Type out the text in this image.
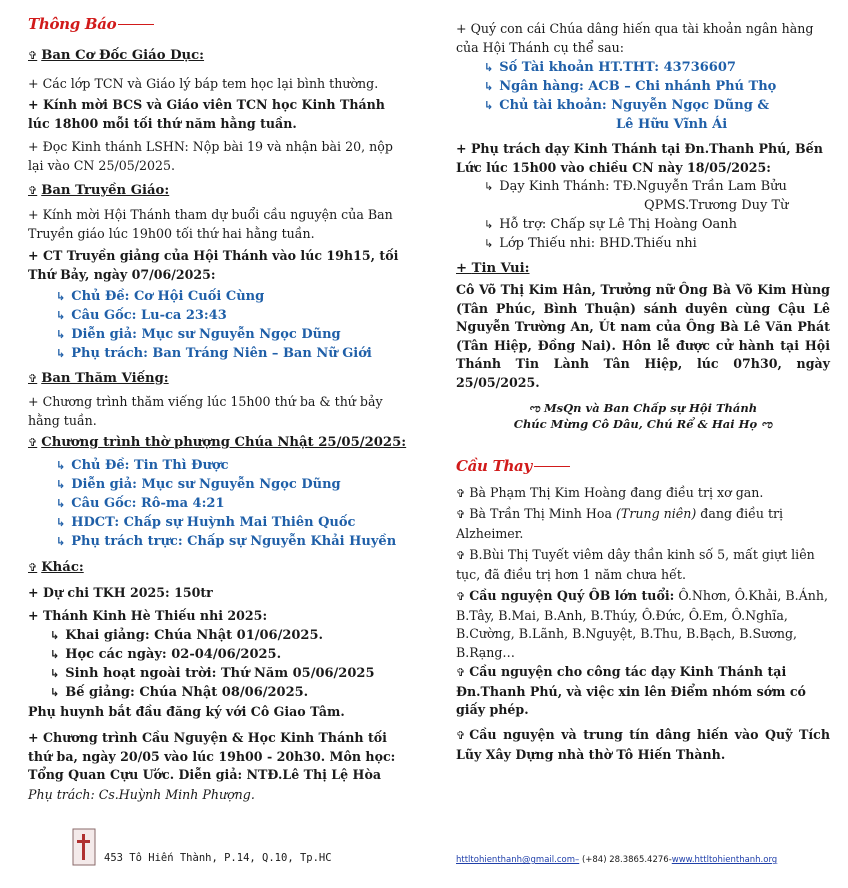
Thông Báo

✞ Ban Cơ Đốc Giáo Dục:

+ Các lớp TCN và Giáo lý báp tem học lại bình thường.

+ Kính mời BCS và Giáo viên TCN học Kinh Thánh lúc 18h00 mỗi tối thứ năm hằng tuần.

+ Đọc Kinh thánh LSHN: Nộp bài 19 và nhận bài 20, nộp lại vào CN 25/05/2025.

✞ Ban Truyền Giáo:

+ Kính mời Hội Thánh tham dự buổi cầu nguyện của Ban Truyền giáo lúc 19h00 tối thứ hai hằng tuần.

+ CT Truyền giảng của Hội Thánh vào lúc 19h15, tối Thứ Bảy, ngày 07/06/2025:

↳ Chủ Đề: Cơ Hội Cuối Cùng

↳ Câu Gốc: Lu-ca 23:43

↳ Diễn giả: Mục sư Nguyễn Ngọc Dũng

↳ Phụ trách: Ban Tráng Niên – Ban Nữ Giới

✞ Ban Thăm Viếng:

+ Chương trình thăm viếng lúc 15h00 thứ ba & thứ bảy hằng tuần.

✞ Chương trình thờ phượng Chúa Nhật 25/05/2025:

↳ Chủ Đề: Tin Thì Được

↳ Diễn giả: Mục sư Nguyễn Ngọc Dũng

↳ Câu Gốc: Rô-ma 4:21

↳ HDCT: Chấp sự Huỳnh Mai Thiên Quốc

↳ Phụ trách trực: Chấp sự Nguyễn Khải Huyền

✞ Khác:

+ Dự chi TKH 2025: 150tr

+ Thánh Kinh Hè Thiếu nhi 2025:

↳ Khai giảng: Chúa Nhật 01/06/2025.

↳ Học các ngày: 02-04/06/2025.

↳ Sinh hoạt ngoài trời: Thứ Năm 05/06/2025

↳ Bế giảng: Chúa Nhật 08/06/2025.

Phụ huynh bắt đầu đăng ký với Cô Giao Tâm.

+ Chương trình Cầu Nguyện & Học Kinh Thánh tối thứ ba, ngày 20/05 vào lúc 19h00 - 20h30. Môn học: Tổng Quan Cựu Ước. Diễn giả: NTĐ.Lê Thị Lệ Hòa

Phụ trách: Cs.Huỳnh Minh Phượng.

+ Quý con cái Chúa dâng hiến qua tài khoản ngân hàng của Hội Thánh cụ thể sau:

↳ Số Tài khoản HT.THT: 43736607

↳ Ngân hàng: ACB – Chi nhánh Phú Thọ

↳ Chủ tài khoản: Nguyễn Ngọc Dũng &

Lê Hữu Vĩnh Ái

+ Phụ trách dạy Kinh Thánh tại Đn.Thanh Phú, Bến Lức lúc 15h00 vào chiều CN này 18/05/2025:

↳ Dạy Kinh Thánh: TĐ.Nguyễn Trần Lam Bửu

QPMS.Trương Duy Từ

↳ Hỗ trợ: Chấp sự Lê Thị Hoàng Oanh

↳ Lớp Thiếu nhi: BHD.Thiếu nhi

+ Tin Vui:

Cô Võ Thị Kim Hân, Trưởng nữ Ông Bà Võ Kim Hùng (Tân Phúc, Bình Thuận) sánh duyên cùng Cậu Lê Nguyễn Trường An, Út nam của Ông Bà Lê Văn Phát (Tân Hiệp, Đồng Nai). Hôn lễ được cử hành tại Hội Thánh Tin Lành Tân Hiệp, lúc 07h30, ngày 25/05/2025.

ಌ MsQn và Ban Chấp sự Hội Thánh

Chúc Mừng Cô Dâu, Chú Rể & Hai Họ ಌ

Cầu Thay

✞ Bà Phạm Thị Kim Hoàng đang điều trị xơ gan.

✞ Bà Trần Thị Minh Hoa (Trung niên) đang điều trị Alzheimer.

✞ B.Bùi Thị Tuyết viêm dây thần kinh số 5, mất giựt liên tục, đã điều trị hơn 1 năm chưa hết.

✞ Cầu nguyện Quý ÔB lớn tuổi: Ô.Nhơn, Ô.Khải, B.Ánh, B.Tây, B.Mai, B.Anh, B.Thúy, Ô.Đức, Ô.Em, Ô.Nghĩa, B.Cường, B.Lãnh, B.Nguyệt, B.Thu, B.Bạch, B.Sương, B.Rạng…

✞ Cầu nguyện cho công tác dạy Kinh Thánh tại Đn.Thanh Phú, và việc xin lên Điểm nhóm sớm có giấy phép.

✞ Cầu nguyện và trung tín dâng hiến vào Quỹ Tích Lũy Xây Dựng nhà thờ Tô Hiến Thành.

453 Tô Hiến Thành, P.14, Q.10, Tp.HC	httltohienthanh@gmail.com– (+84) 28.3865.4276-www.httltohienthanh.org
